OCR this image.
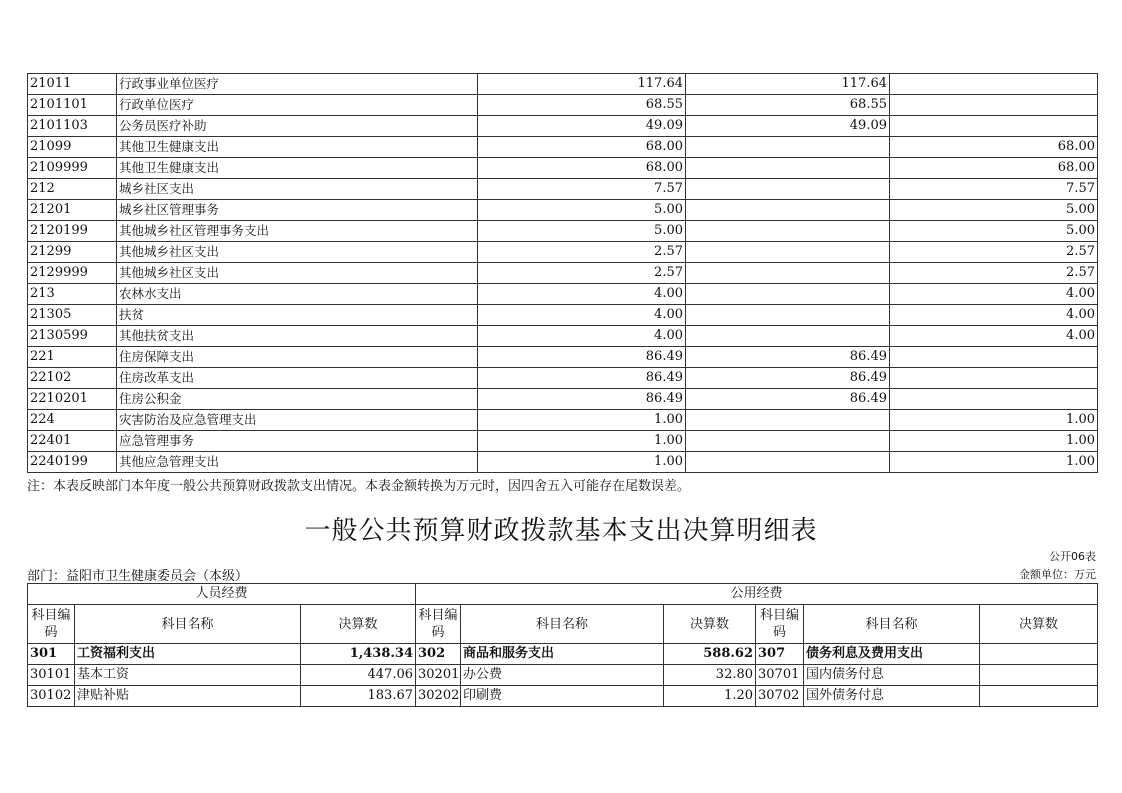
21011	行政事业单位医疗	117.64	117.64	
2101101	行政单位医疗	68.55	68.55	
2101103	公务员医疗补助	49.09	49.09	
21099	其他卫生健康支出	68.00		68.00
2109999	其他卫生健康支出	68.00		68.00
212	城乡社区支出	7.57		7.57
21201	城乡社区管理事务	5.00		5.00
2120199	其他城乡社区管理事务支出	5.00		5.00
21299	其他城乡社区支出	2.57		2.57
2129999	其他城乡社区支出	2.57		2.57
213	农林水支出	4.00		4.00
21305	扶贫	4.00		4.00
2130599	其他扶贫支出	4.00		4.00
221	住房保障支出	86.49	86.49	
22102	住房改革支出	86.49	86.49	
2210201	住房公积金	86.49	86.49	
224	灾害防治及应急管理支出	1.00		1.00
22401	应急管理事务	1.00		1.00
2240199	其他应急管理支出	1.00		1.00
注：本表反映部门本年度一般公共预算财政拨款支出情况。本表金额转换为万元时，因四舍五入可能存在尾数误差。
一般公共预算财政拨款基本支出决算明细表
公开06表
部门：益阳市卫生健康委员会（本级）	金额单位：万元
人员经费			公用经费					
科目编码	科目名称	决算数	科目编码	科目名称	决算数	科目编码	科目名称	决算数
301	工资福利支出	1,438.34	302	商品和服务支出	588.62	307	债务利息及费用支出	
30101	基本工资	447.06	30201	办公费	32.80	30701	国内债务付息	
30102	津贴补贴	183.67	30202	印刷费	1.20	30702	国外债务付息	
